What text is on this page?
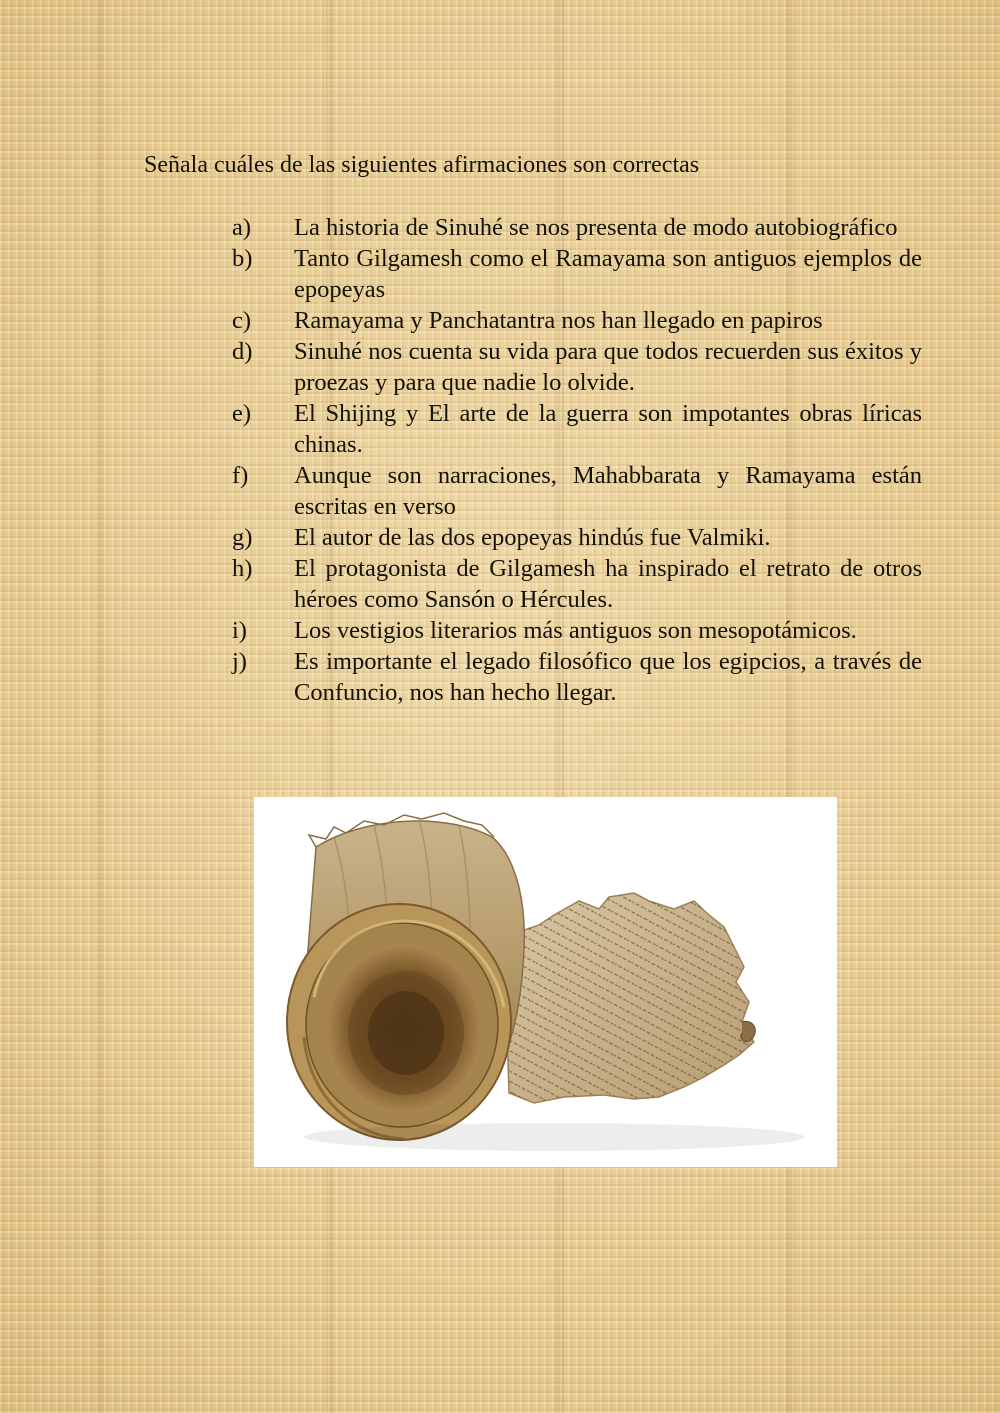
Señala cuáles de las siguientes afirmaciones son correctas

a)	La historia de Sinuhé se nos presenta de modo autobiográfico
b)	Tanto Gilgamesh como el Ramayama son antiguos ejemplos de epopeyas
c)	Ramayama y Panchatantra nos han llegado en papiros
d)	Sinuhé nos cuenta su vida para que todos recuerden sus éxitos y proezas y para que nadie lo olvide.
e)	El Shijing y El arte de la guerra son impotantes obras líricas chinas.
f)	Aunque son narraciones, Mahabbarata y Ramayama están escritas en verso
g)	El autor de las dos epopeyas hindús fue Valmiki.
h)	El protagonista de Gilgamesh ha inspirado el retrato de otros héroes como Sansón o Hércules.
i)	Los vestigios literarios más antiguos son mesopotámicos.
j)	Es importante el legado filosófico que los egipcios, a través de Confuncio, nos han hecho llegar.
